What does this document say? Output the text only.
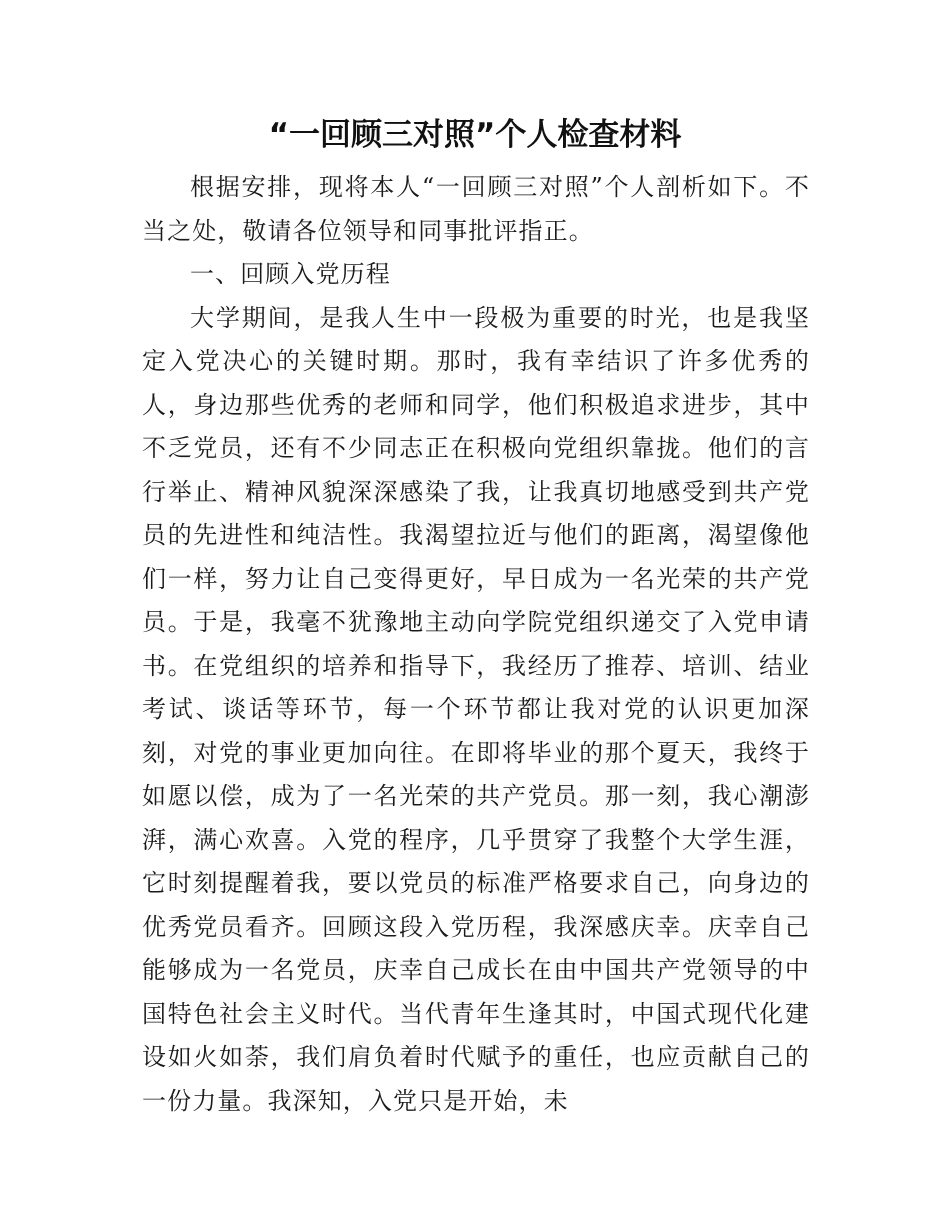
“一回顾三对照”个人检查材料

根据安排，现将本人“一回顾三对照”个人剖析如下。不当之处，敬请各位领导和同事批评指正。

一、回顾入党历程

大学期间，是我人生中一段极为重要的时光，也是我坚定入党决心的关键时期。那时，我有幸结识了许多优秀的人，身边那些优秀的老师和同学，他们积极追求进步，其中不乏党员，还有不少同志正在积极向党组织靠拢。他们的言行举止、精神风貌深深感染了我，让我真切地感受到共产党员的先进性和纯洁性。我渴望拉近与他们的距离，渴望像他们一样，努力让自己变得更好，早日成为一名光荣的共产党员。于是，我毫不犹豫地主动向学院党组织递交了入党申请书。在党组织的培养和指导下，我经历了推荐、培训、结业考试、谈话等环节，每一个环节都让我对党的认识更加深刻，对党的事业更加向往。在即将毕业的那个夏天，我终于如愿以偿，成为了一名光荣的共产党员。那一刻，我心潮澎湃，满心欢喜。入党的程序，几乎贯穿了我整个大学生涯，它时刻提醒着我，要以党员的标准严格要求自己，向身边的优秀党员看齐。回顾这段入党历程，我深感庆幸。庆幸自己能够成为一名党员，庆幸自己成长在由中国共产党领导的中国特色社会主义时代。当代青年生逢其时，中国式现代化建设如火如荼，我们肩负着时代赋予的重任，也应贡献自己的一份力量。我深知，入党只是开始，未
